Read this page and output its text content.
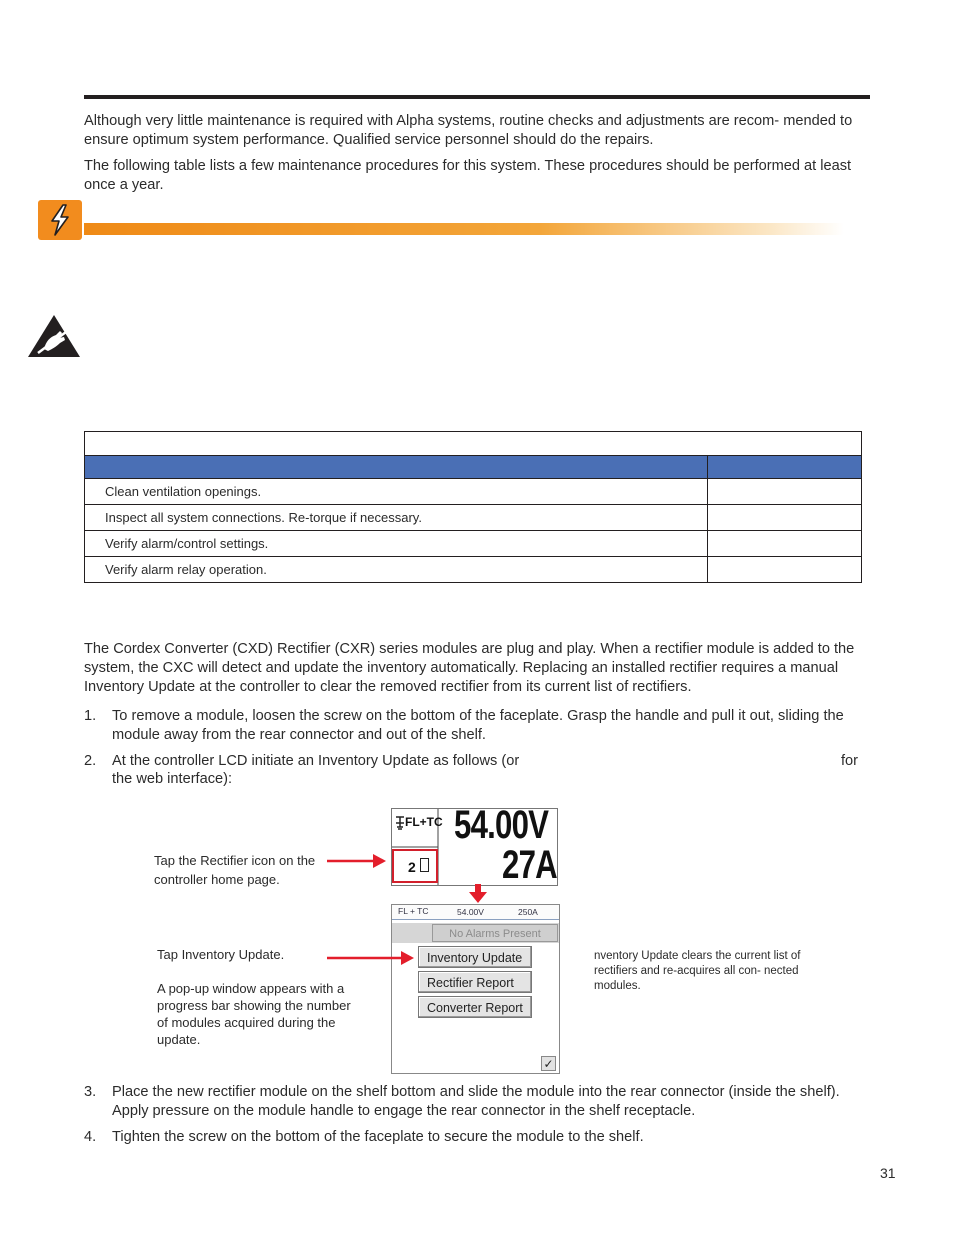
Although very little maintenance is required with Alpha systems, routine checks and adjustments are recom- mended to ensure optimum system performance. Qualified service personnel should do the repairs.

The following table lists a few maintenance procedures for this system. These procedures should be performed at least once a year.

Clean ventilation openings.	
Inspect all system connections. Re-torque if necessary.	
Verify alarm/control settings.	
Verify alarm relay operation.	

The Cordex Converter (CXD) Rectifier (CXR) series modules are plug and play. When a rectifier module is added to the system, the CXC will detect and update the inventory automatically. Replacing an installed rectifier requires a manual Inventory Update at the controller to clear the removed rectifier from its current list of rectifiers.

1.	To remove a module, loosen the screw on the bottom of the faceplate. Grasp the handle and pull it out, sliding the module away from the rear connector and out of the shelf.

2.	At the controller LCD initiate an Inventory Update as follows (or	for
the web interface):
FL+TC 54.00V
27A
2
FL + TC	54.00V	250A
No Alarms Present
Inventory Update
Rectifier Report
Converter Report
✓
Tap the Rectifier icon on the controller home page.
Tap Inventory Update.
A pop-up window appears with a progress bar showing the number of modules acquired during the update.
nventory Update clears the current list of rectifiers and re-acquires all con- nected modules.
3.	Place the new rectifier module on the shelf bottom and slide the module into the rear connector (inside the shelf). Apply pressure on the module handle to engage the rear connector in the shelf receptacle.

4.	Tighten the screw on the bottom of the faceplate to secure the module to the shelf.

31
